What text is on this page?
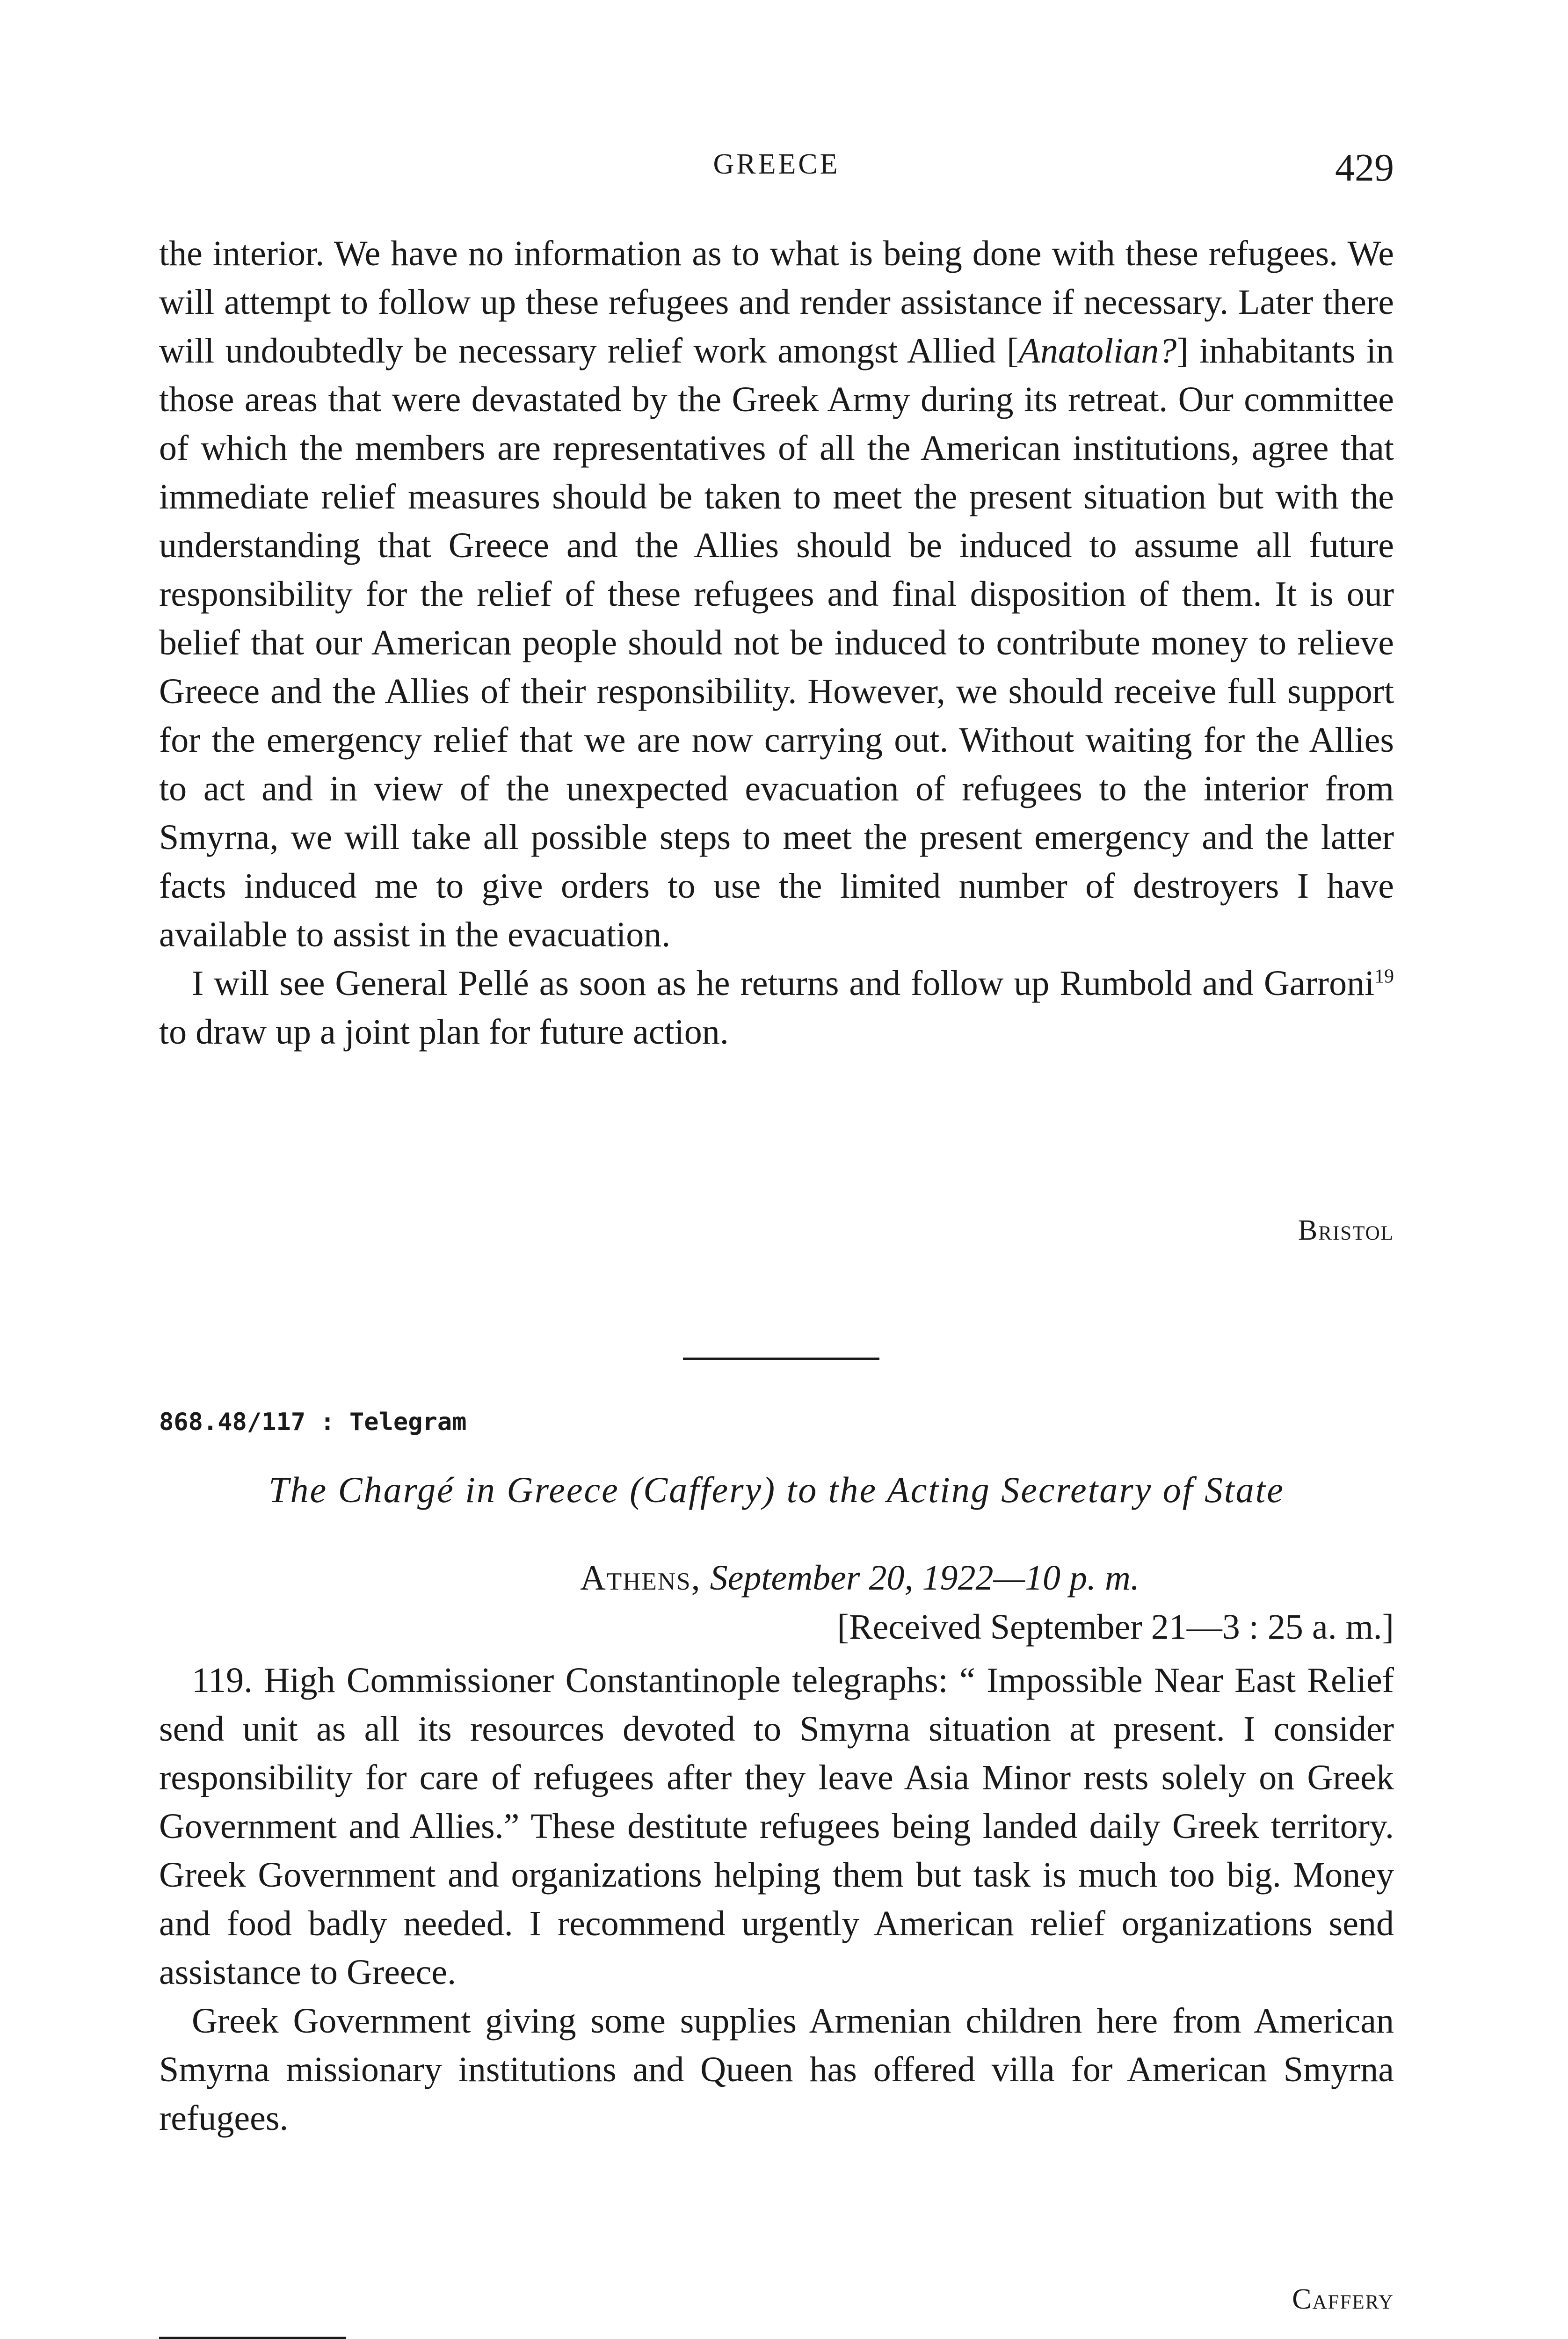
GREECE	429

the interior. We have no information as to what is being done with these refugees. We will attempt to follow up these refugees and render assistance if necessary. Later there will undoubtedly be necessary relief work amongst Allied [Anatolian?] inhabitants in those areas that were devastated by the Greek Army during its retreat. Our committee of which the members are representatives of all the American institutions, agree that immediate relief measures should be taken to meet the present situation but with the understanding that Greece and the Allies should be induced to assume all future responsibility for the relief of these refugees and final disposition of them. It is our belief that our American people should not be induced to contribute money to relieve Greece and the Allies of their responsibility. However, we should receive full support for the emergency relief that we are now carrying out. Without waiting for the Allies to act and in view of the unexpected evacuation of refugees to the interior from Smyrna, we will take all possible steps to meet the present emergency and the latter facts induced me to give orders to use the limited number of destroyers I have available to assist in the evacuation.

I will see General Pellé as soon as he returns and follow up Rumbold and Garroni$^{19}$ to draw up a joint plan for future action.

Bristol
868.48/117 : Telegram
The Chargé in Greece (Caffery) to the Acting Secretary of State
Athens, September 20, 1922—10 p. m.
[Received September 21—3 : 25 a. m.]

119. High Commissioner Constantinople telegraphs: “ Impossible Near East Relief send unit as all its resources devoted to Smyrna situation at present. I consider responsibility for care of refugees after they leave Asia Minor rests solely on Greek Government and Allies.” These destitute refugees being landed daily Greek territory. Greek Government and organizations helping them but task is much too big. Money and food badly needed. I recommend urgently American relief organizations send assistance to Greece.

Greek Government giving some supplies Armenian children here from American Smyrna missionary institutions and Queen has offered villa for American Smyrna refugees.

Caffery
